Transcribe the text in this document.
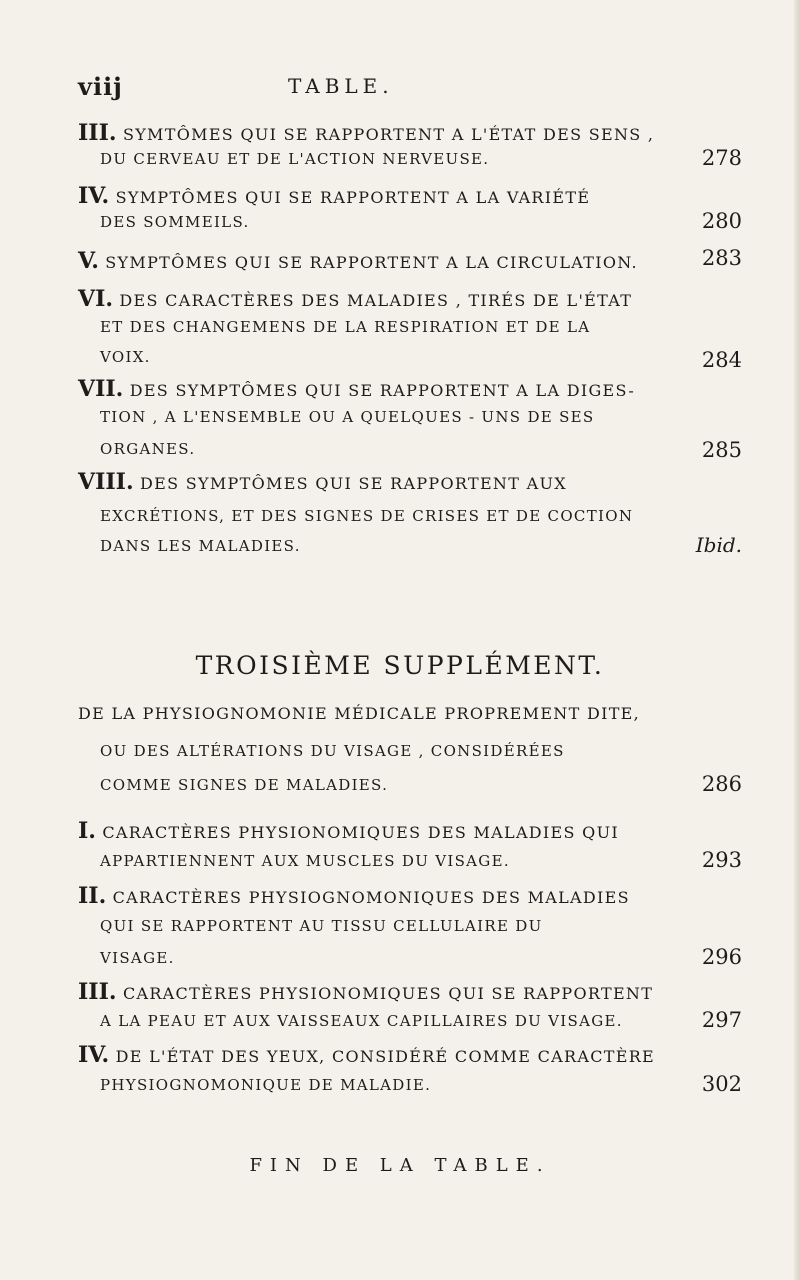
viij	TABLE.
III. SYMTÔMES QUI SE RAPPORTENT A L'ÉTAT DES SENS ,
DU CERVEAU ET DE L'ACTION NERVEUSE.	278
IV. SYMPTÔMES QUI SE RAPPORTENT A LA VARIÉTÉ
DES SOMMEILS.	280
V. SYMPTÔMES QUI SE RAPPORTENT A LA CIRCULATION.	283
VI. DES CARACTÈRES DES MALADIES , TIRÉS DE L'ÉTAT
ET DES CHANGEMENS DE LA RESPIRATION ET DE LA
VOIX.	284
VII. DES SYMPTÔMES QUI SE RAPPORTENT A LA DIGES-
TION , A L'ENSEMBLE OU A QUELQUES - UNS DE SES
ORGANES.	285
VIII. DES SYMPTÔMES QUI SE RAPPORTENT AUX
EXCRÉTIONS, ET DES SIGNES DE CRISES ET DE COCTION
DANS LES MALADIES.	Ibid.
TROISIÈME SUPPLÉMENT.
DE LA PHYSIOGNOMONIE MÉDICALE PROPREMENT DITE,
OU DES ALTÉRATIONS DU VISAGE , CONSIDÉRÉES
COMME SIGNES DE MALADIES.	286
I. CARACTÈRES PHYSIONOMIQUES DES MALADIES QUI
APPARTIENNENT AUX MUSCLES DU VISAGE.	293
II. CARACTÈRES PHYSIOGNOMONIQUES DES MALADIES
QUI SE RAPPORTENT AU TISSU CELLULAIRE DU
VISAGE.	296
III. CARACTÈRES PHYSIONOMIQUES QUI SE RAPPORTENT
A LA PEAU ET AUX VAISSEAUX CAPILLAIRES DU VISAGE.	297
IV. DE L'ÉTAT DES YEUX, CONSIDÉRÉ COMME CARACTÈRE
PHYSIOGNOMONIQUE DE MALADIE.	302
FIN DE LA TABLE.
